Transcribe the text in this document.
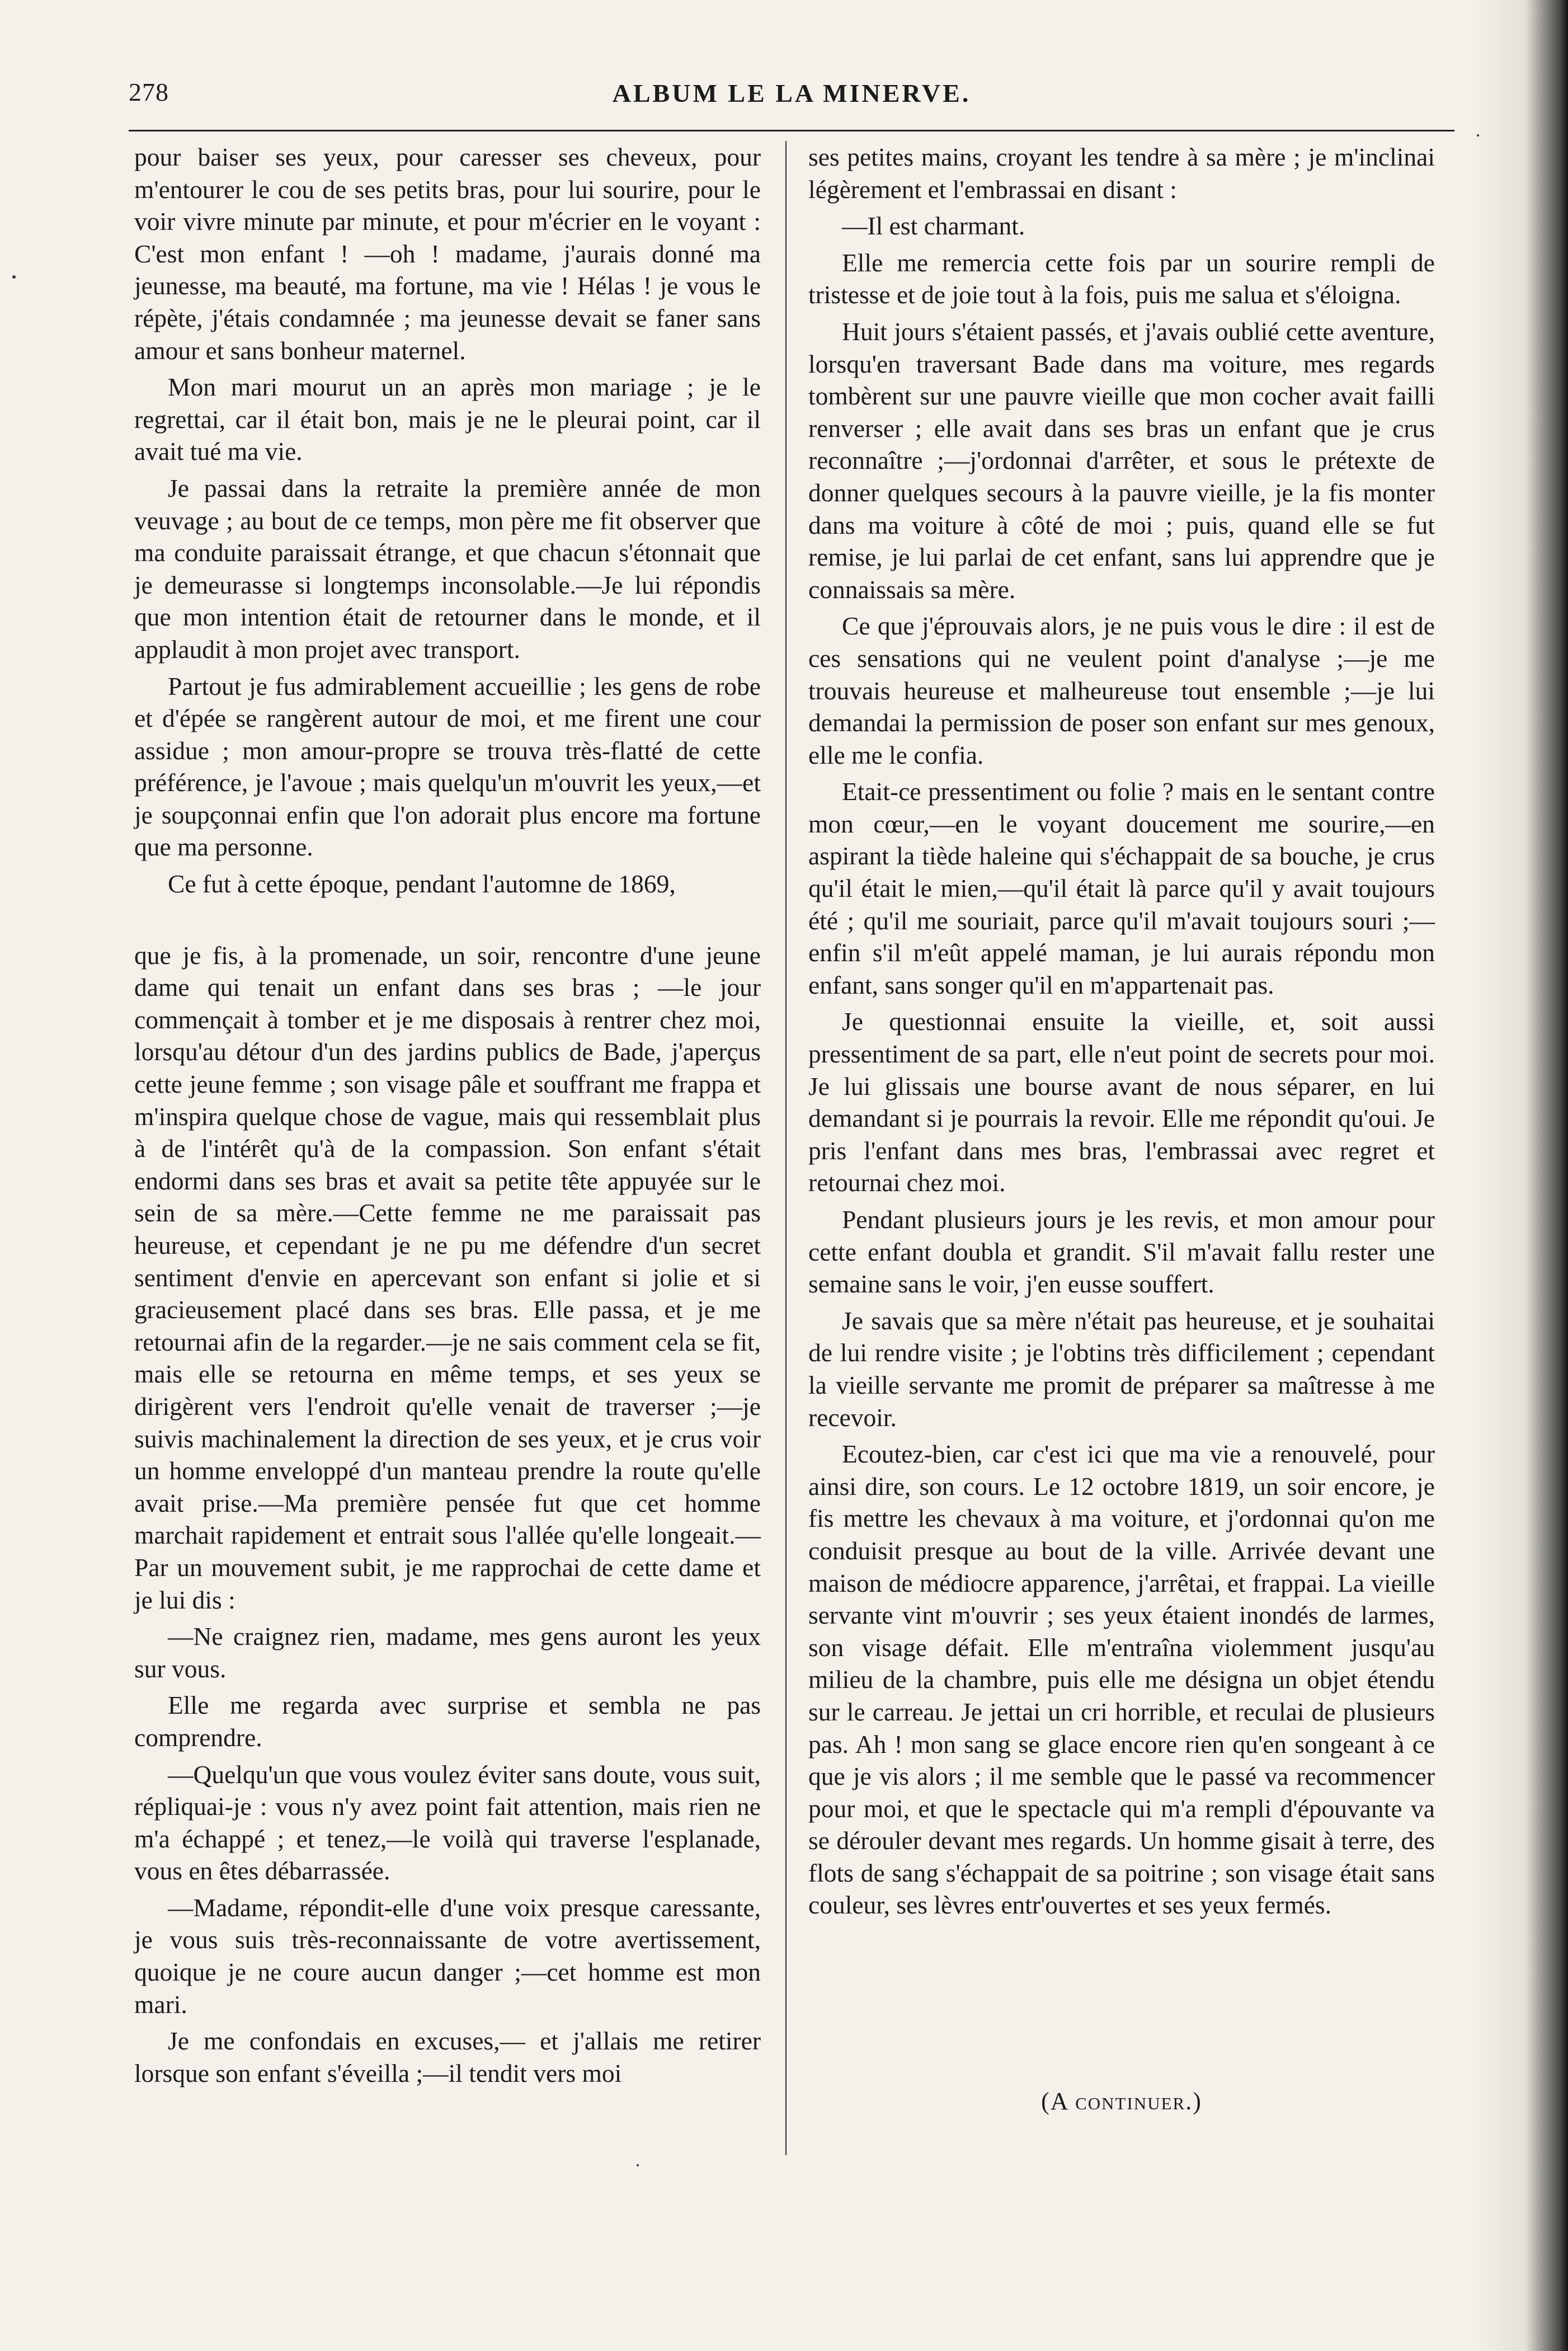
278	ALBUM LE LA MINERVE.

pour baiser ses yeux, pour caresser ses cheveux, pour m'entourer le cou de ses petits bras, pour lui sourire, pour le voir vivre minute par minute, et pour m'écrier en le voyant : C'est mon enfant ! —oh ! madame, j'aurais donné ma jeunesse, ma beauté, ma fortune, ma vie ! Hélas ! je vous le répète, j'étais condamnée ; ma jeunesse devait se faner sans amour et sans bonheur maternel.

Mon mari mourut un an après mon mariage ; je le regrettai, car il était bon, mais je ne le pleurai point, car il avait tué ma vie.

Je passai dans la retraite la première année de mon veuvage ; au bout de ce temps, mon père me fit observer que ma conduite paraissait étrange, et que chacun s'étonnait que je demeurasse si longtemps inconsolable.—Je lui répondis que mon intention était de retourner dans le monde, et il applaudit à mon projet avec transport.

Partout je fus admirablement accueillie ; les gens de robe et d'épée se rangèrent autour de moi, et me firent une cour assidue ; mon amour-propre se trouva très-flatté de cette préférence, je l'avoue ; mais quelqu'un m'ouvrit les yeux,—et je soupçonnai enfin que l'on adorait plus encore ma fortune que ma personne.

Ce fut à cette époque, pendant l'automne de 1869,

que je fis, à la promenade, un soir, rencontre d'une jeune dame qui tenait un enfant dans ses bras ; —le jour commençait à tomber et je me disposais à rentrer chez moi, lorsqu'au détour d'un des jardins publics de Bade, j'aperçus cette jeune femme ; son visage pâle et souffrant me frappa et m'inspira quelque chose de vague, mais qui ressemblait plus à de l'intérêt qu'à de la compassion. Son enfant s'était endormi dans ses bras et avait sa petite tête appuyée sur le sein de sa mère.—Cette femme ne me paraissait pas heureuse, et cependant je ne pu me défendre d'un secret sentiment d'envie en apercevant son enfant si jolie et si gracieusement placé dans ses bras. Elle passa, et je me retournai afin de la regarder.—je ne sais comment cela se fit, mais elle se retourna en même temps, et ses yeux se dirigèrent vers l'endroit qu'elle venait de traverser ;—je suivis machinalement la direction de ses yeux, et je crus voir un homme enveloppé d'un manteau prendre la route qu'elle avait prise.—Ma première pensée fut que cet homme marchait rapidement et entrait sous l'allée qu'elle longeait.— Par un mouvement subit, je me rapprochai de cette dame et je lui dis :

—Ne craignez rien, madame, mes gens auront les yeux sur vous.

Elle me regarda avec surprise et sembla ne pas comprendre.

—Quelqu'un que vous voulez éviter sans doute, vous suit, répliquai-je : vous n'y avez point fait attention, mais rien ne m'a échappé ; et tenez,—le voilà qui traverse l'esplanade, vous en êtes débarrassée.

—Madame, répondit-elle d'une voix presque caressante, je vous suis très-reconnaissante de votre avertissement, quoique je ne coure aucun danger ;—cet homme est mon mari.

Je me confondais en excuses,— et j'allais me retirer lorsque son enfant s'éveilla ;—il tendit vers moi

ses petites mains, croyant les tendre à sa mère ; je m'inclinai légèrement et l'embrassai en disant :

—Il est charmant.

Elle me remercia cette fois par un sourire rempli de tristesse et de joie tout à la fois, puis me salua et s'éloigna.

Huit jours s'étaient passés, et j'avais oublié cette aventure, lorsqu'en traversant Bade dans ma voiture, mes regards tombèrent sur une pauvre vieille que mon cocher avait failli renverser ; elle avait dans ses bras un enfant que je crus reconnaître ;—j'ordonnai d'arrêter, et sous le prétexte de donner quelques secours à la pauvre vieille, je la fis monter dans ma voiture à côté de moi ; puis, quand elle se fut remise, je lui parlai de cet enfant, sans lui apprendre que je connaissais sa mère.

Ce que j'éprouvais alors, je ne puis vous le dire : il est de ces sensations qui ne veulent point d'analyse ;—je me trouvais heureuse et malheureuse tout ensemble ;—je lui demandai la permission de poser son enfant sur mes genoux, elle me le confia.

Etait-ce pressentiment ou folie ? mais en le sentant contre mon cœur,—en le voyant doucement me sourire,—en aspirant la tiède haleine qui s'échappait de sa bouche, je crus qu'il était le mien,—qu'il était là parce qu'il y avait toujours été ; qu'il me souriait, parce qu'il m'avait toujours souri ;—enfin s'il m'eût appelé maman, je lui aurais répondu mon enfant, sans songer qu'il en m'appartenait pas.

Je questionnai ensuite la vieille, et, soit aussi pressentiment de sa part, elle n'eut point de secrets pour moi. Je lui glissais une bourse avant de nous séparer, en lui demandant si je pourrais la revoir. Elle me répondit qu'oui. Je pris l'enfant dans mes bras, l'embrassai avec regret et retournai chez moi.

Pendant plusieurs jours je les revis, et mon amour pour cette enfant doubla et grandit. S'il m'avait fallu rester une semaine sans le voir, j'en eusse souffert.

Je savais que sa mère n'était pas heureuse, et je souhaitai de lui rendre visite ; je l'obtins très difficilement ; cependant la vieille servante me promit de préparer sa maîtresse à me recevoir.

Ecoutez-bien, car c'est ici que ma vie a renouvelé, pour ainsi dire, son cours. Le 12 octobre 1819, un soir encore, je fis mettre les chevaux à ma voiture, et j'ordonnai qu'on me conduisit presque au bout de la ville. Arrivée devant une maison de médiocre apparence, j'arrêtai, et frappai. La vieille servante vint m'ouvrir ; ses yeux étaient inondés de larmes, son visage défait. Elle m'entraîna violemment jusqu'au milieu de la chambre, puis elle me désigna un objet étendu sur le carreau. Je jettai un cri horrible, et reculai de plusieurs pas. Ah ! mon sang se glace encore rien qu'en songeant à ce que je vis alors ; il me semble que le passé va recommencer pour moi, et que le spectacle qui m'a rempli d'épouvante va se dérouler devant mes regards. Un homme gisait à terre, des flots de sang s'échappait de sa poitrine ; son visage était sans couleur, ses lèvres entr'ouvertes et ses yeux fermés.

(A continuer.)
